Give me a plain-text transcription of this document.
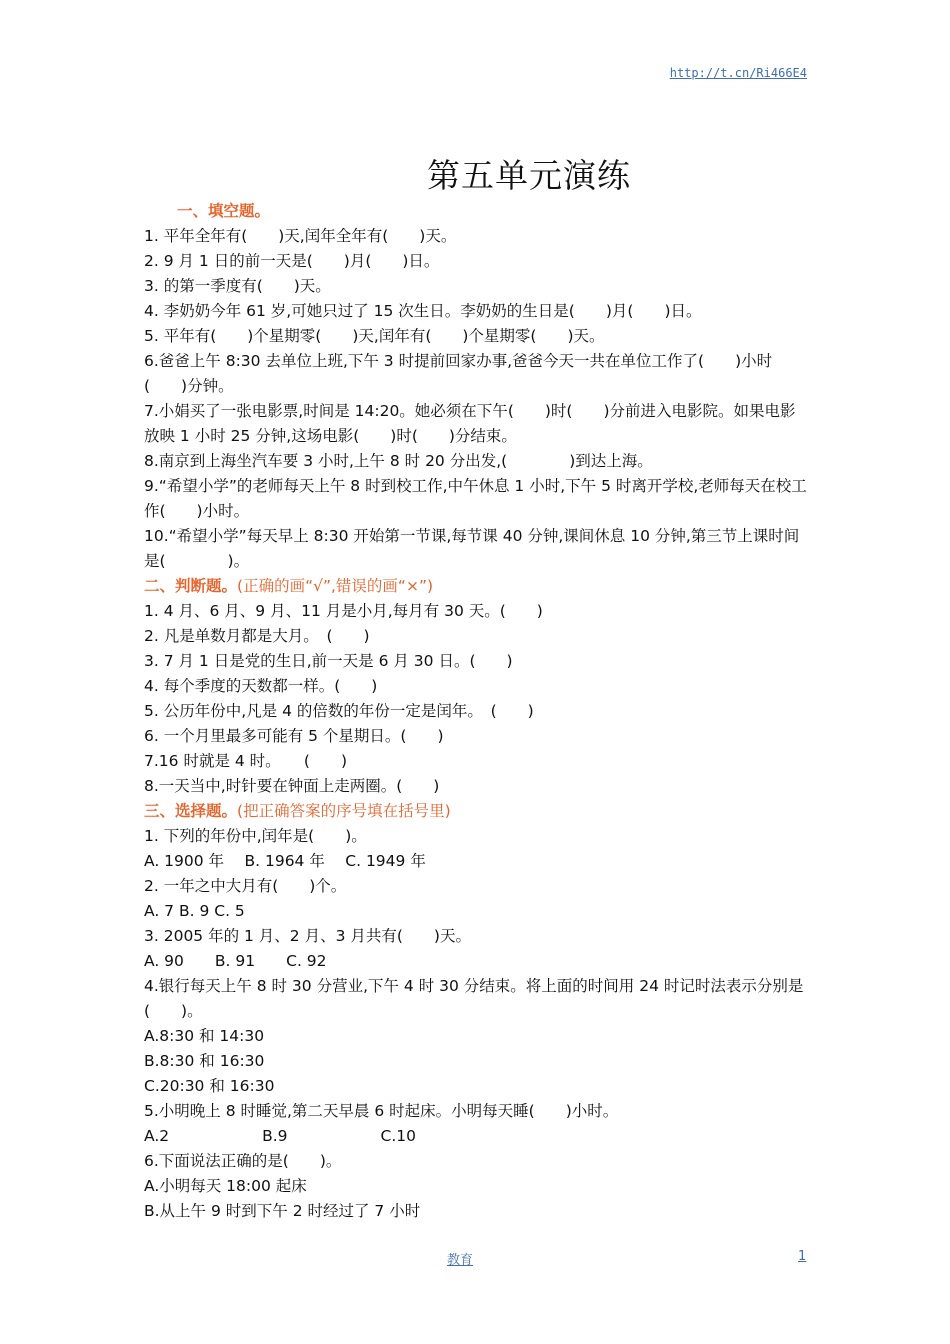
http://t.cn/Ri466E4
第五单元演练

一、填空题。

1. 平年全年有(　　)天,闰年全年有(　　)天。

2. 9 月 1 日的前一天是(　　)月(　　)日。

3. 的第一季度有(　　)天。

4. 李奶奶今年 61 岁,可她只过了 15 次生日。李奶奶的生日是(　　)月(　　)日。

5. 平年有(　　)个星期零(　　)天,闰年有(　　)个星期零(　　)天。

6.爸爸上午 8:30 去单位上班,下午 3 时提前回家办事,爸爸今天一共在单位工作了(　　)小时(　　)分钟。

7.小娟买了一张电影票,时间是 14:20。她必须在下午(　　)时(　　)分前进入电影院。如果电影放映 1 小时 25 分钟,这场电影(　　)时(　　)分结束。

8.南京到上海坐汽车要 3 小时,上午 8 时 20 分出发,(　　　　)到达上海。

9.“希望小学”的老师每天上午 8 时到校工作,中午休息 1 小时,下午 5 时离开学校,老师每天在校工作(　　)小时。

10.“希望小学”每天早上 8:30 开始第一节课,每节课 40 分钟,课间休息 10 分钟,第三节上课时间是(　　　　)。

二、判断题。(正确的画“√”,错误的画“×”)

1. 4 月、6 月、9 月、11 月是小月,每月有 30 天。(　　)

2. 凡是单数月都是大月。　(　　)

3. 7 月 1 日是党的生日,前一天是 6 月 30 日。(　　)

4. 每个季度的天数都一样。(　　)

5. 公历年份中,凡是 4 的倍数的年份一定是闰年。　(　　)

6. 一个月里最多可能有 5 个星期日。(　　)

7.16 时就是 4 时。　　(　　)

8.一天当中,时针要在钟面上走两圈。(　　)

三、选择题。(把正确答案的序号填在括号里)

1. 下列的年份中,闰年是(　　)。

A. 1900 年　 B. 1964 年　 C. 1949 年

2. 一年之中大月有(　　)个。

A. 7 B. 9 C. 5

3. 2005 年的 1 月、2 月、3 月共有(　　)天。

A. 90　　B. 91　　C. 92

4.银行每天上午 8 时 30 分营业,下午 4 时 30 分结束。将上面的时间用 24 时记时法表示分别是(　　)。

A.8:30 和 14:30

B.8:30 和 16:30

C.20:30 和 16:30

5.小明晚上 8 时睡觉,第二天早晨 6 时起床。小明每天睡(　　)小时。

A.2　　　　　　B.9　　　　　　C.10

6.下面说法正确的是(　　)。

A.小明每天 18:00 起床

B.从上午 9 时到下午 2 时经过了 7 小时

教育	1
